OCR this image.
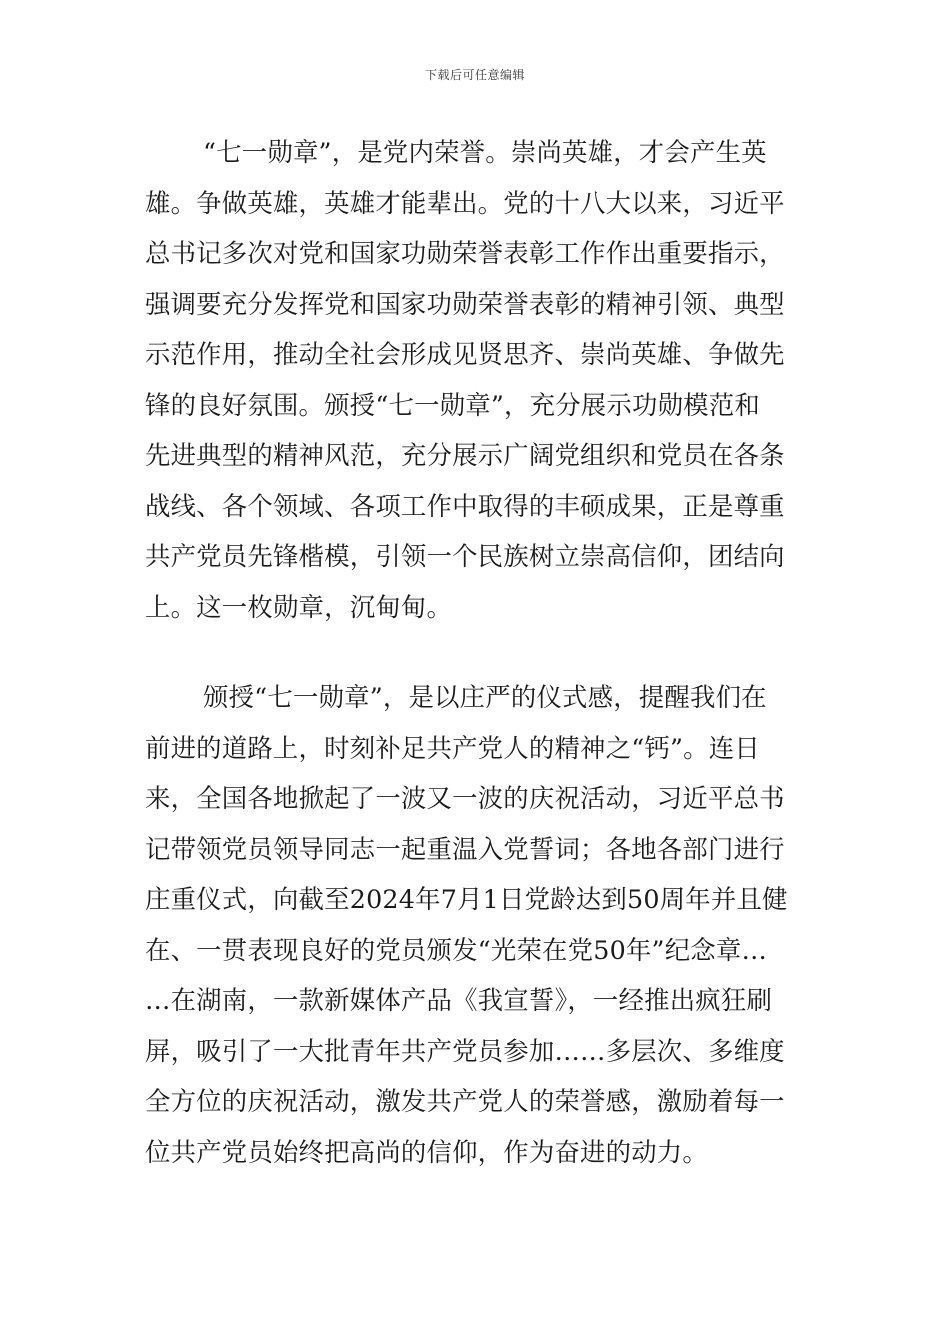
下载后可任意编辑
“七一勋章”，是党内荣誉。崇尚英雄，才会产生英
雄。争做英雄，英雄才能辈出。党的十八大以来，习近平
总书记多次对党和国家功勋荣誉表彰工作作出重要指示，
强调要充分发挥党和国家功勋荣誉表彰的精神引领、典型
示范作用，推动全社会形成见贤思齐、崇尚英雄、争做先
锋的良好氛围。颁授“七一勋章”，充分展示功勋模范和
先进典型的精神风范，充分展示广阔党组织和党员在各条
战线、各个领域、各项工作中取得的丰硕成果，正是尊重
共产党员先锋楷模，引领一个民族树立崇高信仰，团结向
上。这一枚勋章，沉甸甸。
颁授“七一勋章”，是以庄严的仪式感，提醒我们在
前进的道路上，时刻补足共产党人的精神之“钙”。连日
来，全国各地掀起了一波又一波的庆祝活动，习近平总书
记带领党员领导同志一起重温入党誓词；各地各部门进行
庄重仪式，向截至2024年7月1日党龄达到50周年并且健
在、一贯表现良好的党员颁发“光荣在党50年”纪念章…
…在湖南，一款新媒体产品《我宣誓》，一经推出疯狂刷
屏，吸引了一大批青年共产党员参加……多层次、多维度
全方位的庆祝活动，激发共产党人的荣誉感，激励着每一
位共产党员始终把高尚的信仰，作为奋进的动力。
